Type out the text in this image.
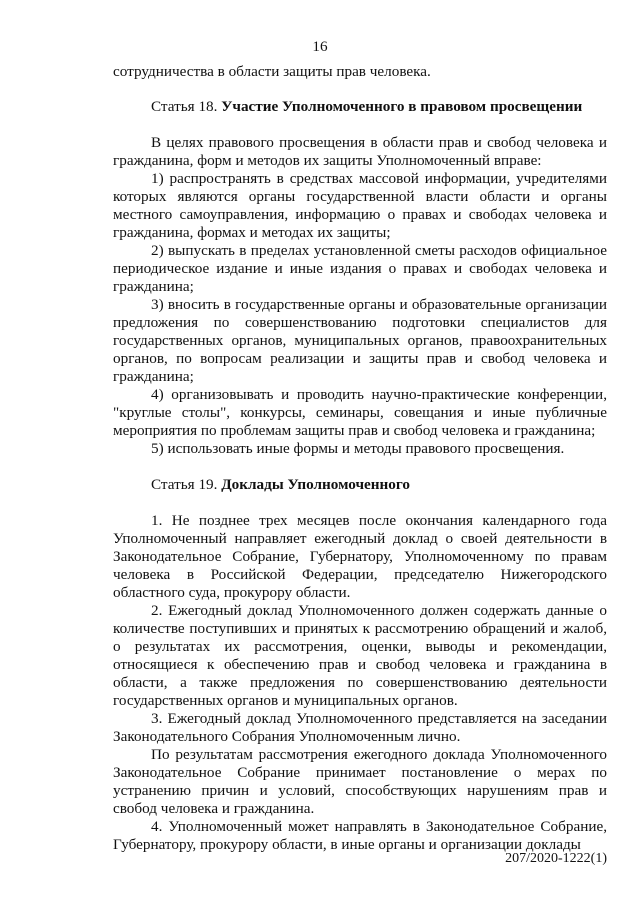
16

сотрудничества в области защиты прав человека.

Статья 18. Участие Уполномоченного в правовом просвещении

В целях правового просвещения в области прав и свобод человека и гражданина, форм и методов их защиты Уполномоченный вправе:

1) распространять в средствах массовой информации, учредителями которых являются органы государственной власти области и органы местного самоуправления, информацию о правах и свободах человека и гражданина, формах и методах их защиты;

2) выпускать в пределах установленной сметы расходов официальное периодическое издание и иные издания о правах и свободах человека и гражданина;

3) вносить в государственные органы и образовательные организации предложения по совершенствованию подготовки специалистов для государственных органов, муниципальных органов, правоохранительных органов, по вопросам реализации и защиты прав и свобод человека и гражданина;

4) организовывать и проводить научно-практические конференции, "круглые столы", конкурсы, семинары, совещания и иные публичные мероприятия по проблемам защиты прав и свобод человека и гражданина;

5) использовать иные формы и методы правового просвещения.

Статья 19. Доклады Уполномоченного

1. Не позднее трех месяцев после окончания календарного года Уполномоченный направляет ежегодный доклад о своей деятельности в Законодательное Собрание, Губернатору, Уполномоченному по правам человека в Российской Федерации, председателю Нижегородского областного суда, прокурору области.

2. Ежегодный доклад Уполномоченного должен содержать данные о количестве поступивших и принятых к рассмотрению обращений и жалоб, о результатах их рассмотрения, оценки, выводы и рекомендации, относящиеся к обеспечению прав и свобод человека и гражданина в области, а также предложения по совершенствованию деятельности государственных органов и муниципальных органов.

3. Ежегодный доклад Уполномоченного представляется на заседании Законодательного Собрания Уполномоченным лично.

По результатам рассмотрения ежегодного доклада Уполномоченного Законодательное Собрание принимает постановление о мерах по устранению причин и условий, способствующих нарушениям прав и свобод человека и гражданина.

4. Уполномоченный может направлять в Законодательное Собрание, Губернатору, прокурору области, в иные органы и организации доклады

207/2020-1222(1)
